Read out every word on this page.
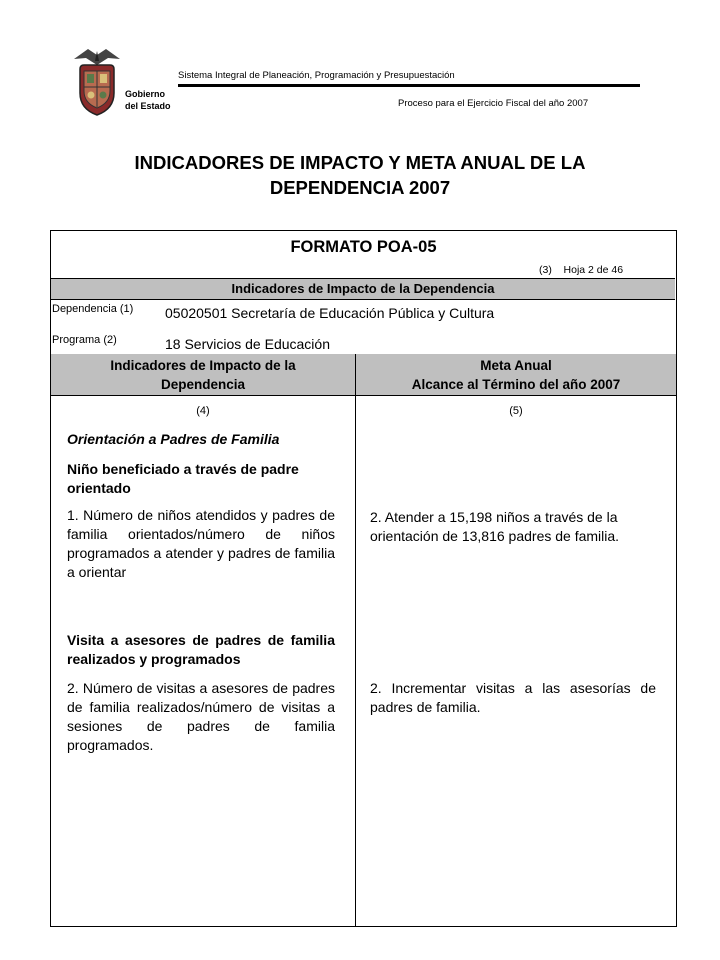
Gobierno
del Estado
Sistema Integral de Planeación, Programación y Presupuestación
Proceso para el Ejercicio Fiscal del año 2007
INDICADORES DE IMPACTO Y META ANUAL DE LA
DEPENDENCIA 2007
FORMATO POA-05
(3) Hoja 2 de 46
Indicadores de Impacto de la Dependencia
Dependencia (1) 05020501 Secretaría de Educación Pública y Cultura
Programa (2)	18 Servicios de Educación
Indicadores de Impacto de la
Dependencia
Meta Anual
Alcance al Término del año 2007
(4)	(5)
Orientación a Padres de Familia
Niño beneficiado a través de padre orientado
1. Número de niños atendidos y padres de familia orientados/número de niños programados a atender y padres de familia a orientar
Visita a asesores de padres de familia realizados y programados
2. Número de visitas a asesores de padres de familia realizados/número de visitas a sesiones de padres de familia programados.
2. Atender a 15,198 niños a través de la orientación de 13,816 padres de familia.
2. Incrementar visitas a las asesorías de padres de familia.
